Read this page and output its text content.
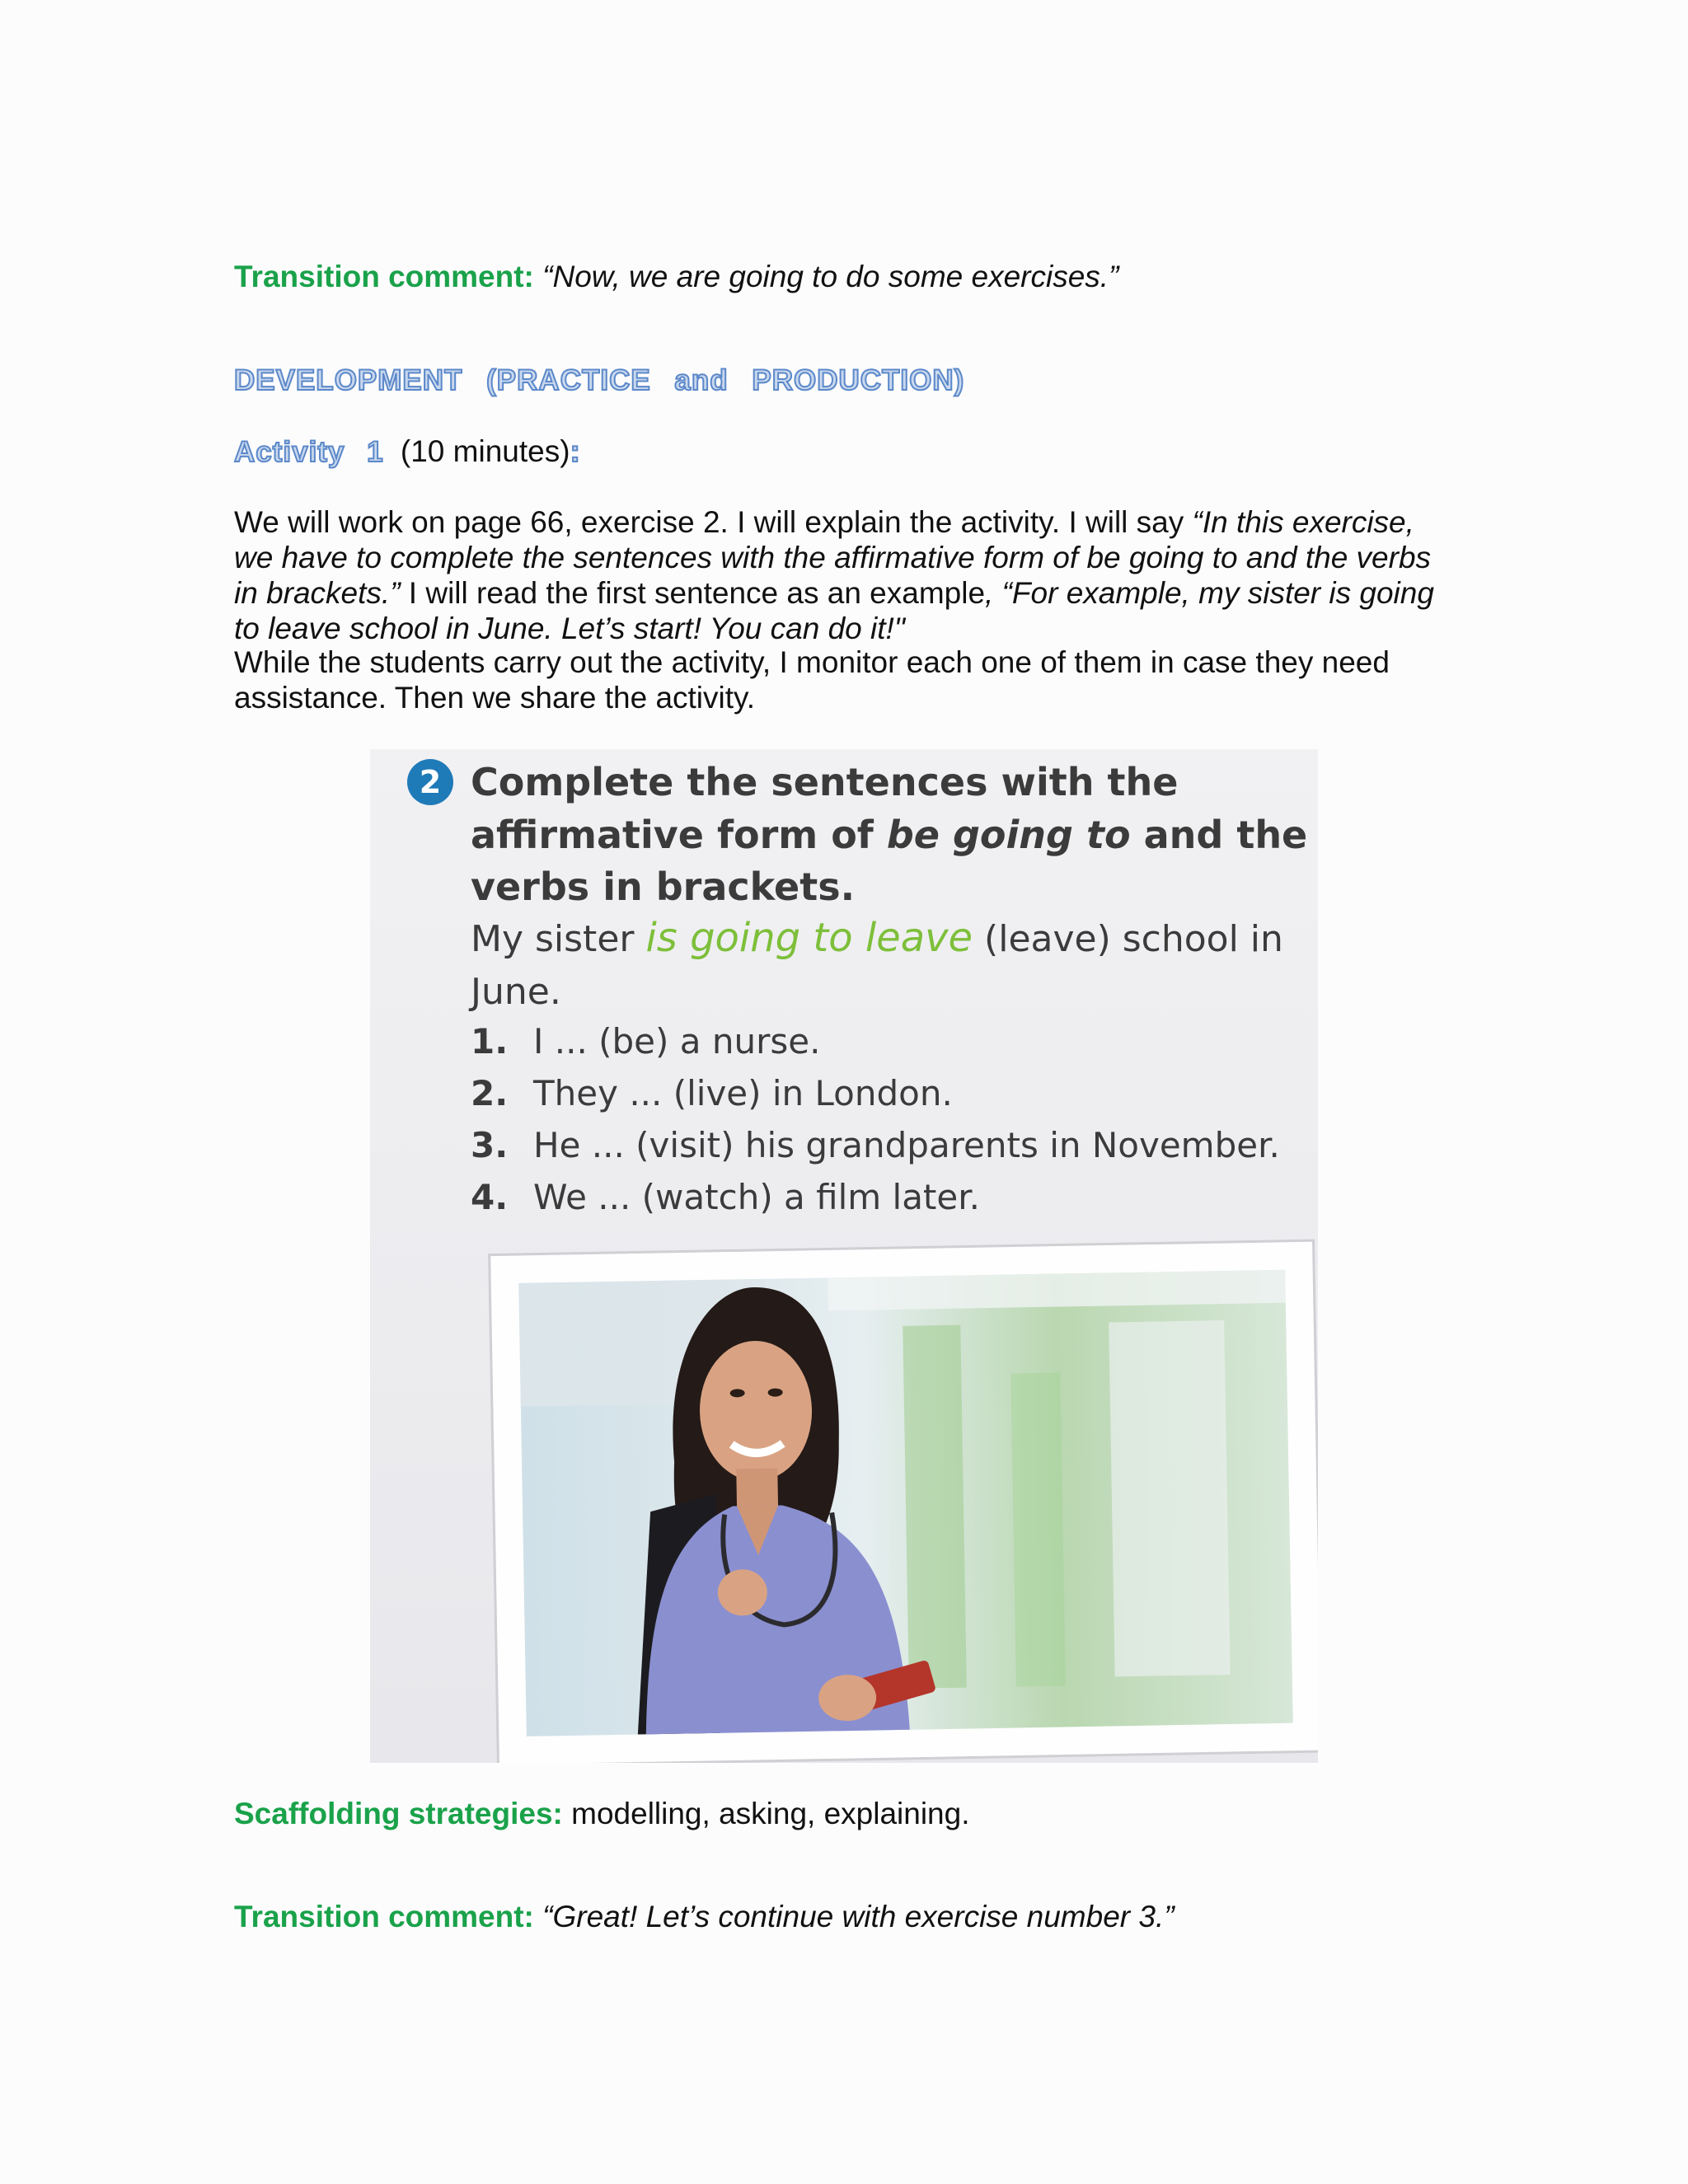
Transition comment: “Now, we are going to do some exercises.”
DEVELOPMENT (PRACTICE and PRODUCTION)
Activity 1 (10 minutes):
We will work on page 66, exercise 2. I will explain the activity. I will say “In this exercise, we have to complete the sentences with the affirmative form of be going to and the verbs in brackets.” I will read the first sentence as an example, “For example, my sister is going to leave school in June. Let’s start! You can do it!"
While the students carry out the activity, I monitor each one of them in case they need assistance. Then we share the activity.
2 Complete the sentences with the
affirmative form of be going to and the
verbs in brackets.
My sister is going to leave (leave) school in
June.
1. I ... (be) a nurse.
2. They ... (live) in London.
3. He ... (visit) his grandparents in November.
4. We ... (watch) a film later.
Scaffolding strategies: modelling, asking, explaining.
Transition comment: “Great! Let’s continue with exercise number 3.”
